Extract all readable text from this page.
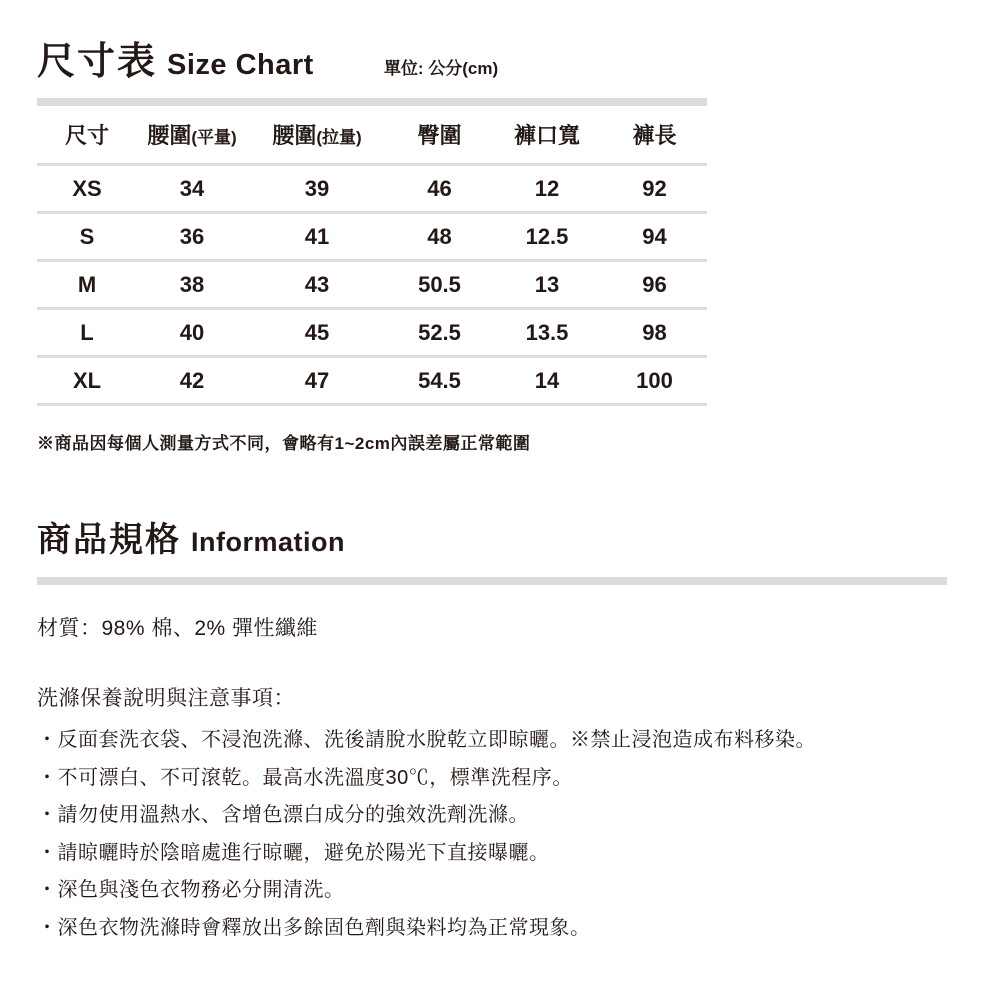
尺寸表 Size Chart	單位: 公分(cm)
尺寸	腰圍(平量)	腰圍(拉量)	臀圍	褲口寬	褲長
XS	34	39	46	12	92
S	36	41	48	12.5	94
M	38	43	50.5	13	96
L	40	45	52.5	13.5	98
XL	42	47	54.5	14	100

※商品因每個人測量方式不同，會略有1~2cm內誤差屬正常範圍

商品規格 Information

材質：98% 棉、2% 彈性纖維

洗滌保養說明與注意事項：

・反面套洗衣袋、不浸泡洗滌、洗後請脫水脫乾立即晾曬。※禁止浸泡造成布料移染。

・不可漂白、不可滾乾。最高水洗溫度30℃，標準洗程序。

・請勿使用溫熱水、含增色漂白成分的強效洗劑洗滌。

・請晾曬時於陰暗處進行晾曬，避免於陽光下直接曝曬。

・深色與淺色衣物務必分開清洗。

・深色衣物洗滌時會釋放出多餘固色劑與染料均為正常現象。
